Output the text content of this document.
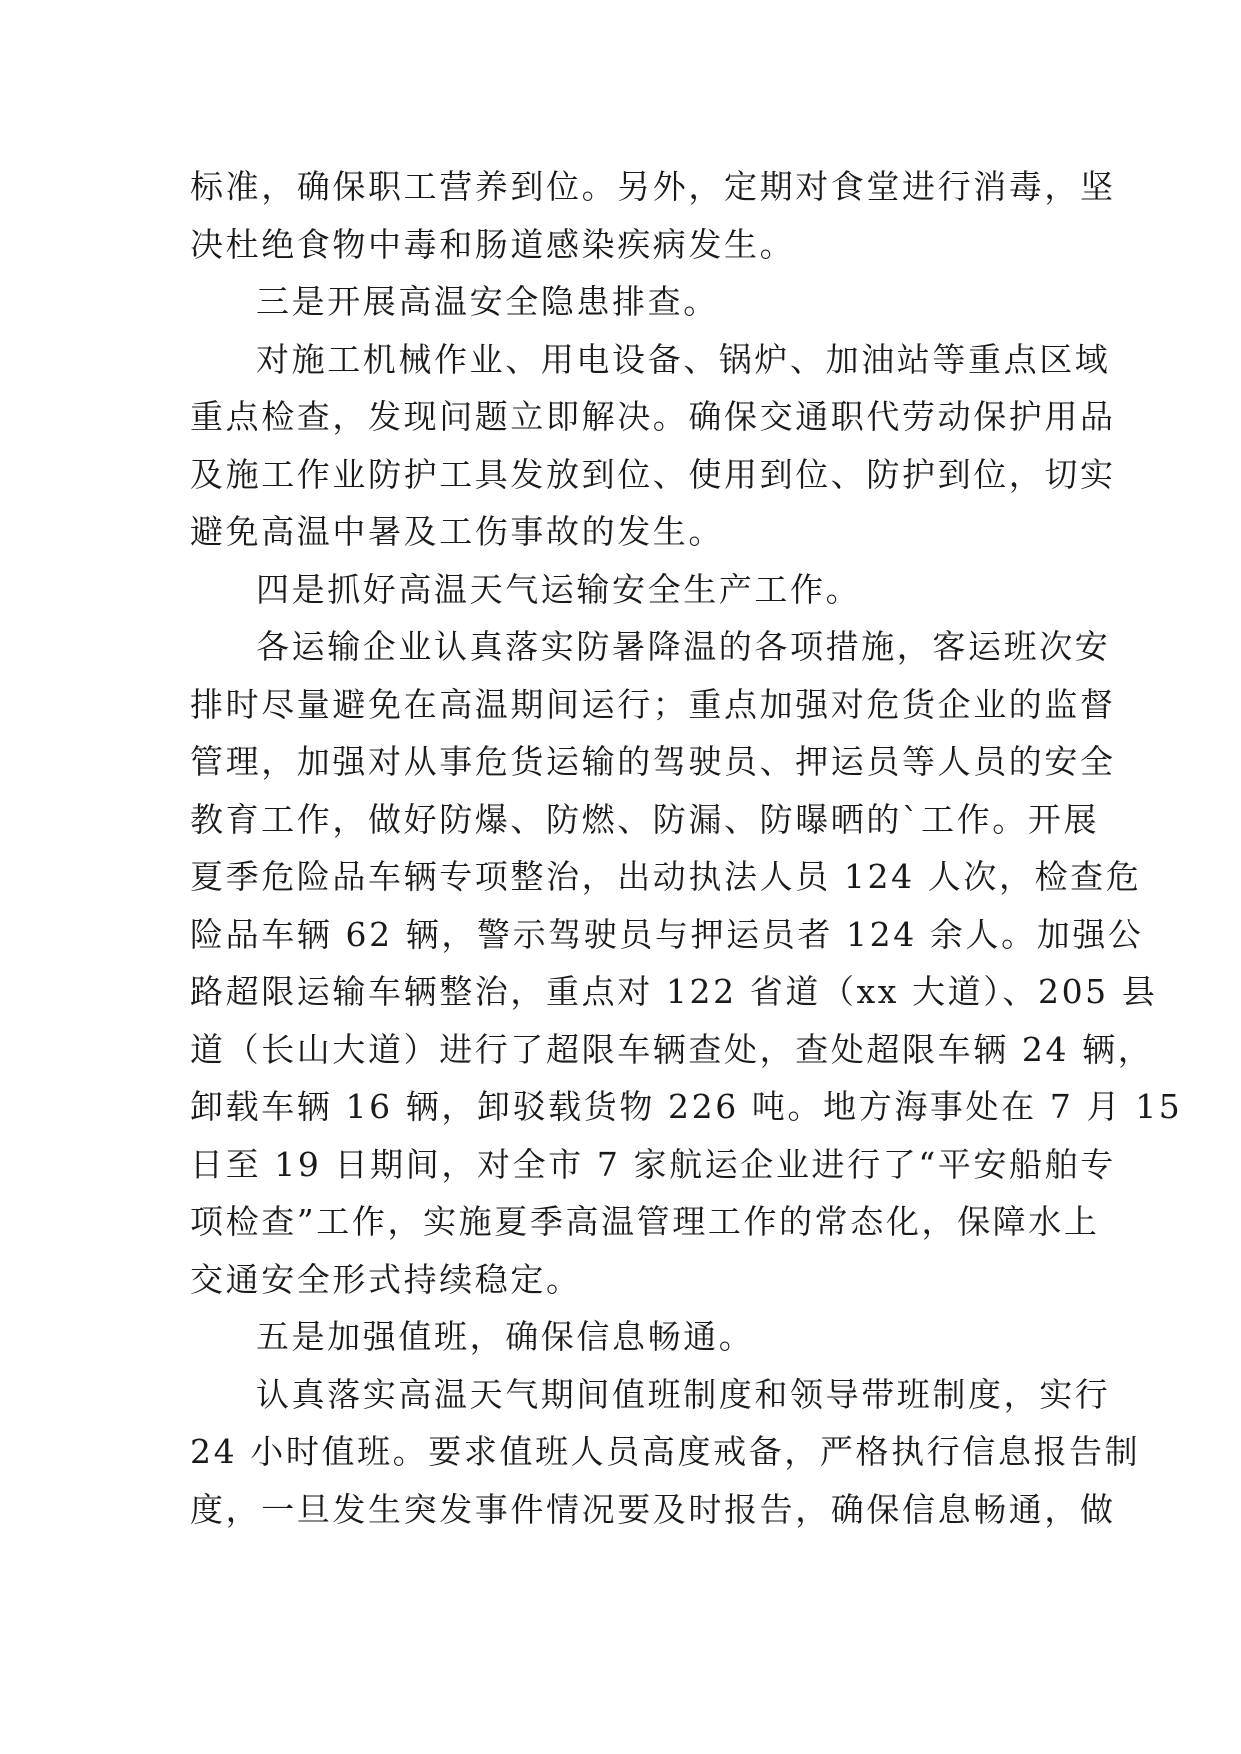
标准，确保职工营养到位。另外，定期对食堂进行消毒，坚
决杜绝食物中毒和肠道感染疾病发生。
三是开展高温安全隐患排查。
对施工机械作业、用电设备、锅炉、加油站等重点区域
重点检查，发现问题立即解决。确保交通职代劳动保护用品
及施工作业防护工具发放到位、使用到位、防护到位，切实
避免高温中暑及工伤事故的发生。
四是抓好高温天气运输安全生产工作。
各运输企业认真落实防暑降温的各项措施，客运班次安
排时尽量避免在高温期间运行；重点加强对危货企业的监督
管理，加强对从事危货运输的驾驶员、押运员等人员的安全
教育工作，做好防爆、防燃、防漏、防曝晒的`工作。开展
夏季危险品车辆专项整治，出动执法人员 124 人次，检查危
险品车辆 62 辆，警示驾驶员与押运员者 124 余人。加强公
路超限运输车辆整治，重点对 122 省道（xx 大道）、205 县
道（长山大道）进行了超限车辆查处，查处超限车辆 24 辆，
卸载车辆 16 辆，卸驳载货物 226 吨。地方海事处在 7 月 15
日至 19 日期间，对全市 7 家航运企业进行了“平安船舶专
项检查”工作，实施夏季高温管理工作的常态化，保障水上
交通安全形式持续稳定。
五是加强值班，确保信息畅通。
认真落实高温天气期间值班制度和领导带班制度，实行
24 小时值班。要求值班人员高度戒备，严格执行信息报告制
度，一旦发生突发事件情况要及时报告，确保信息畅通，做
